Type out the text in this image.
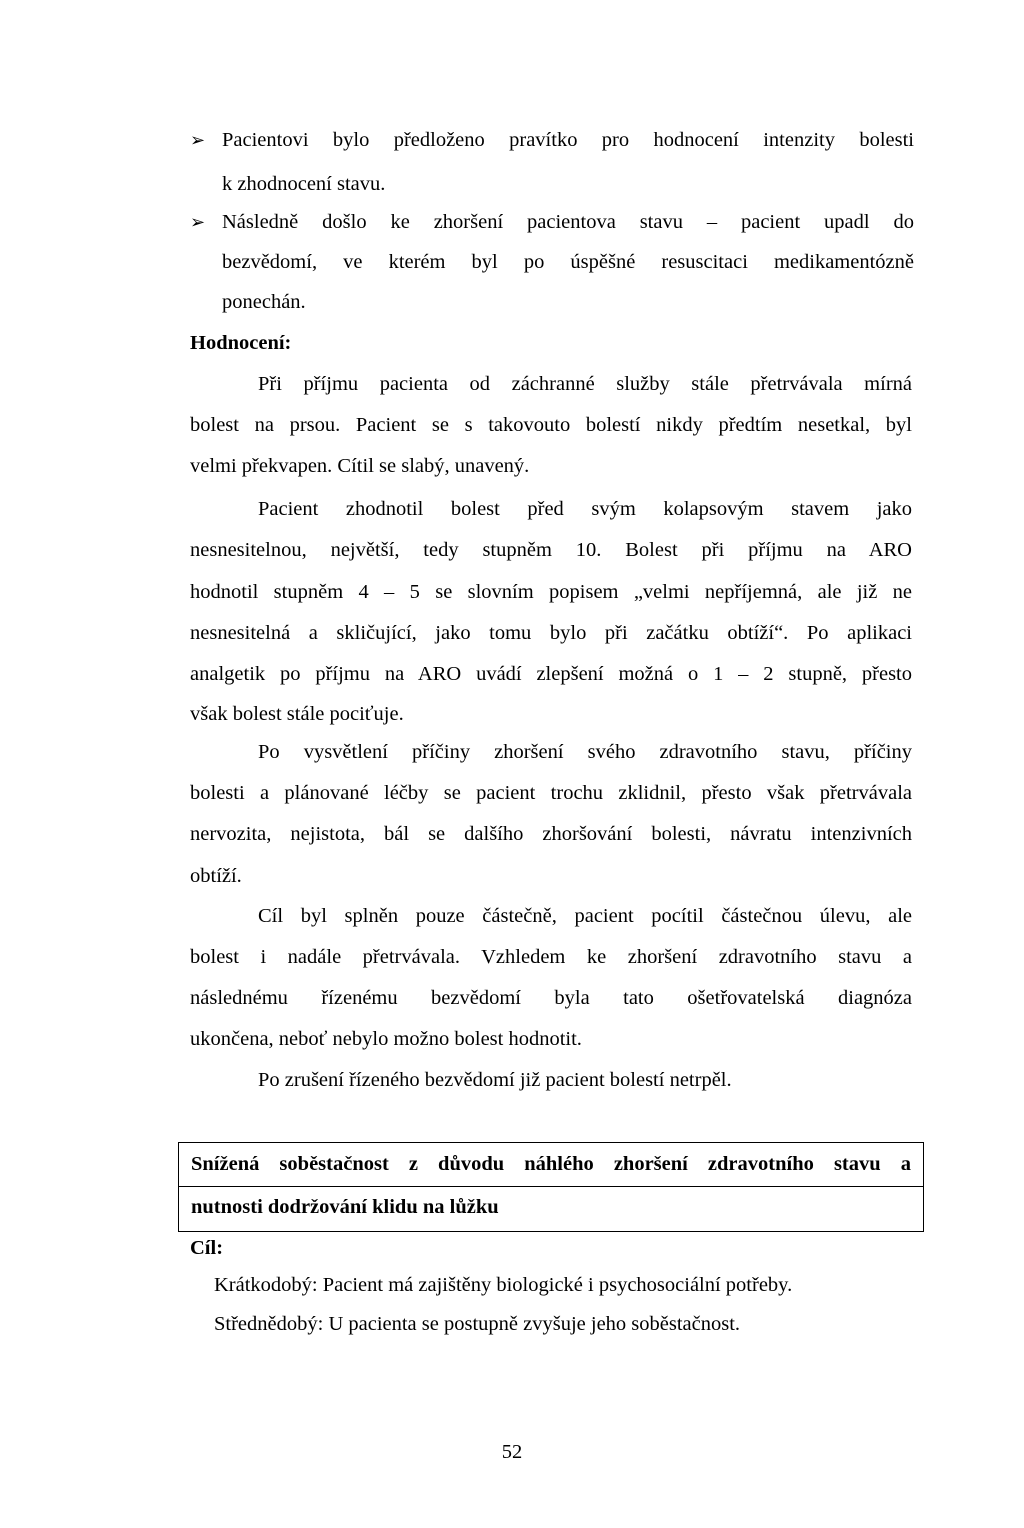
➢ Pacientovi bylo předloženo pravítko pro hodnocení intenzity bolesti
k zhodnocení stavu.
➢ Následně došlo ke zhoršení pacientova stavu – pacient upadl do
bezvědomí, ve kterém byl po úspěšné resuscitaci medikamentózně
ponechán.
Hodnocení:
Při příjmu pacienta od záchranné služby stále přetrvávala mírná
bolest na prsou. Pacient se s takovouto bolestí nikdy předtím nesetkal, byl
velmi překvapen. Cítil se slabý, unavený.
Pacient zhodnotil bolest před svým kolapsovým stavem jako
nesnesitelnou, největší, tedy stupněm 10. Bolest při příjmu na ARO
hodnotil stupněm 4 – 5 se slovním popisem „velmi nepříjemná, ale již ne
nesnesitelná a skličující, jako tomu bylo při začátku obtíží“. Po aplikaci
analgetik po příjmu na ARO uvádí zlepšení možná o 1 – 2 stupně, přesto
však bolest stále pociťuje.
Po vysvětlení příčiny zhoršení svého zdravotního stavu, příčiny
bolesti a plánované léčby se pacient trochu zklidnil, přesto však přetrvávala
nervozita, nejistota, bál se dalšího zhoršování bolesti, návratu intenzivních
obtíží.
Cíl byl splněn pouze částečně, pacient pocítil částečnou úlevu, ale
bolest i nadále přetrvávala. Vzhledem ke zhoršení zdravotního stavu a
následnému řízenému bezvědomí byla tato ošetřovatelská diagnóza
ukončena, neboť nebylo možno bolest hodnotit.
Po zrušení řízeného bezvědomí již pacient bolestí netrpěl.
Snížená soběstačnost z důvodu náhlého zhoršení zdravotního stavu a
nutnosti dodržování klidu na lůžku
Cíl:
Krátkodobý: Pacient má zajištěny biologické i psychosociální potřeby.
Střednědobý: U pacienta se postupně zvyšuje jeho soběstačnost.
52
